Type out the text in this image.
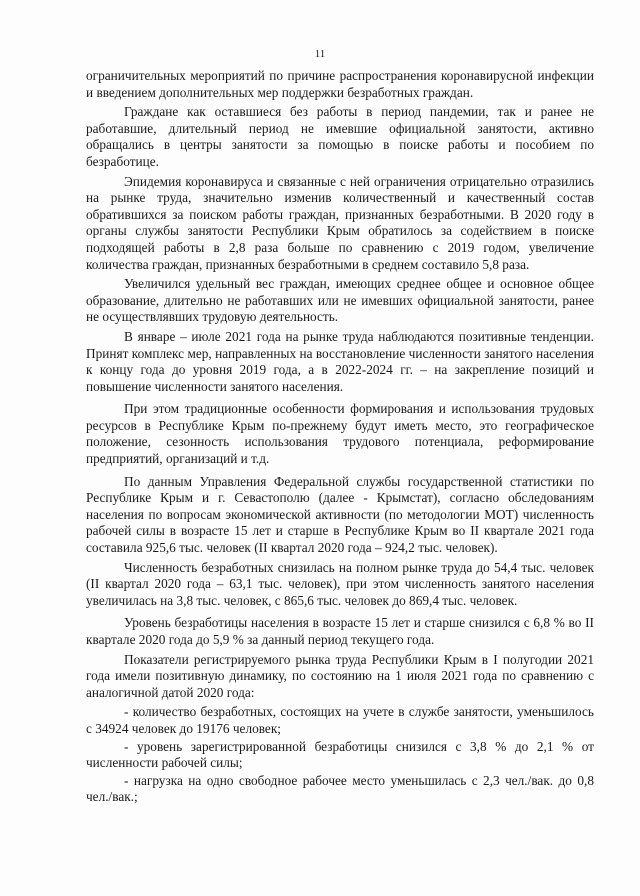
11

ограничительных мероприятий по причине распространения коронавирусной инфекции и введением дополнительных мер поддержки безработных граждан.

Граждане как оставшиеся без работы в период пандемии, так и ранее не работавшие, длительный период не имевшие официальной занятости, активно обращались в центры занятости за помощью в поиске работы и пособием по безработице.

Эпидемия коронавируса и связанные с ней ограничения отрицательно отразились на рынке труда, значительно изменив количественный и качественный состав обратившихся за поиском работы граждан, признанных безработными. В 2020 году в органы службы занятости Республики Крым обратилось за содействием в поиске подходящей работы в 2,8 раза больше по сравнению с 2019 годом, увеличение количества граждан, признанных безработными в среднем составило 5,8 раза.

Увеличился удельный вес граждан, имеющих среднее общее и основное общее образование, длительно не работавших или не имевших официальной занятости, ранее не осуществлявших трудовую деятельность.

В январе – июле 2021 года на рынке труда наблюдаются позитивные тенденции. Принят комплекс мер, направленных на восстановление численности занятого населения к концу года до уровня 2019 года, а в 2022-2024 гг. – на закрепление позиций и повышение численности занятого населения.

При этом традиционные особенности формирования и использования трудовых ресурсов в Республике Крым по-прежнему будут иметь место, это географическое положение, сезонность использования трудового потенциала, реформирование предприятий, организаций и т.д.

По данным Управления Федеральной службы государственной статистики по Республике Крым и г. Севастополю (далее - Крымстат), согласно обследованиям населения по вопросам экономической активности (по методологии МОТ) численность рабочей силы в возрасте 15 лет и старше в Республике Крым во II квартале 2021 года составила 925,6 тыс. человек (II квартал 2020 года – 924,2 тыс. человек).

Численность безработных снизилась на полном рынке труда до 54,4 тыс. человек (II квартал 2020 года – 63,1 тыс. человек), при этом численность занятого населения увеличилась на 3,8 тыс. человек, с 865,6 тыс. человек до 869,4 тыс. человек.

Уровень безработицы населения в возрасте 15 лет и старше снизился с 6,8 % во II квартале 2020 года до 5,9 % за данный период текущего года.

Показатели регистрируемого рынка труда Республики Крым в I полугодии 2021 года имели позитивную динамику, по состоянию на 1 июля 2021 года по сравнению с аналогичной датой 2020 года:

- количество безработных, состоящих на учете в службе занятости, уменьшилось с 34924 человек до 19176 человек;

- уровень зарегистрированной безработицы снизился с 3,8 % до 2,1 % от численности рабочей силы;

- нагрузка на одно свободное рабочее место уменьшилась с 2,3 чел./вак. до 0,8 чел./вак.;
